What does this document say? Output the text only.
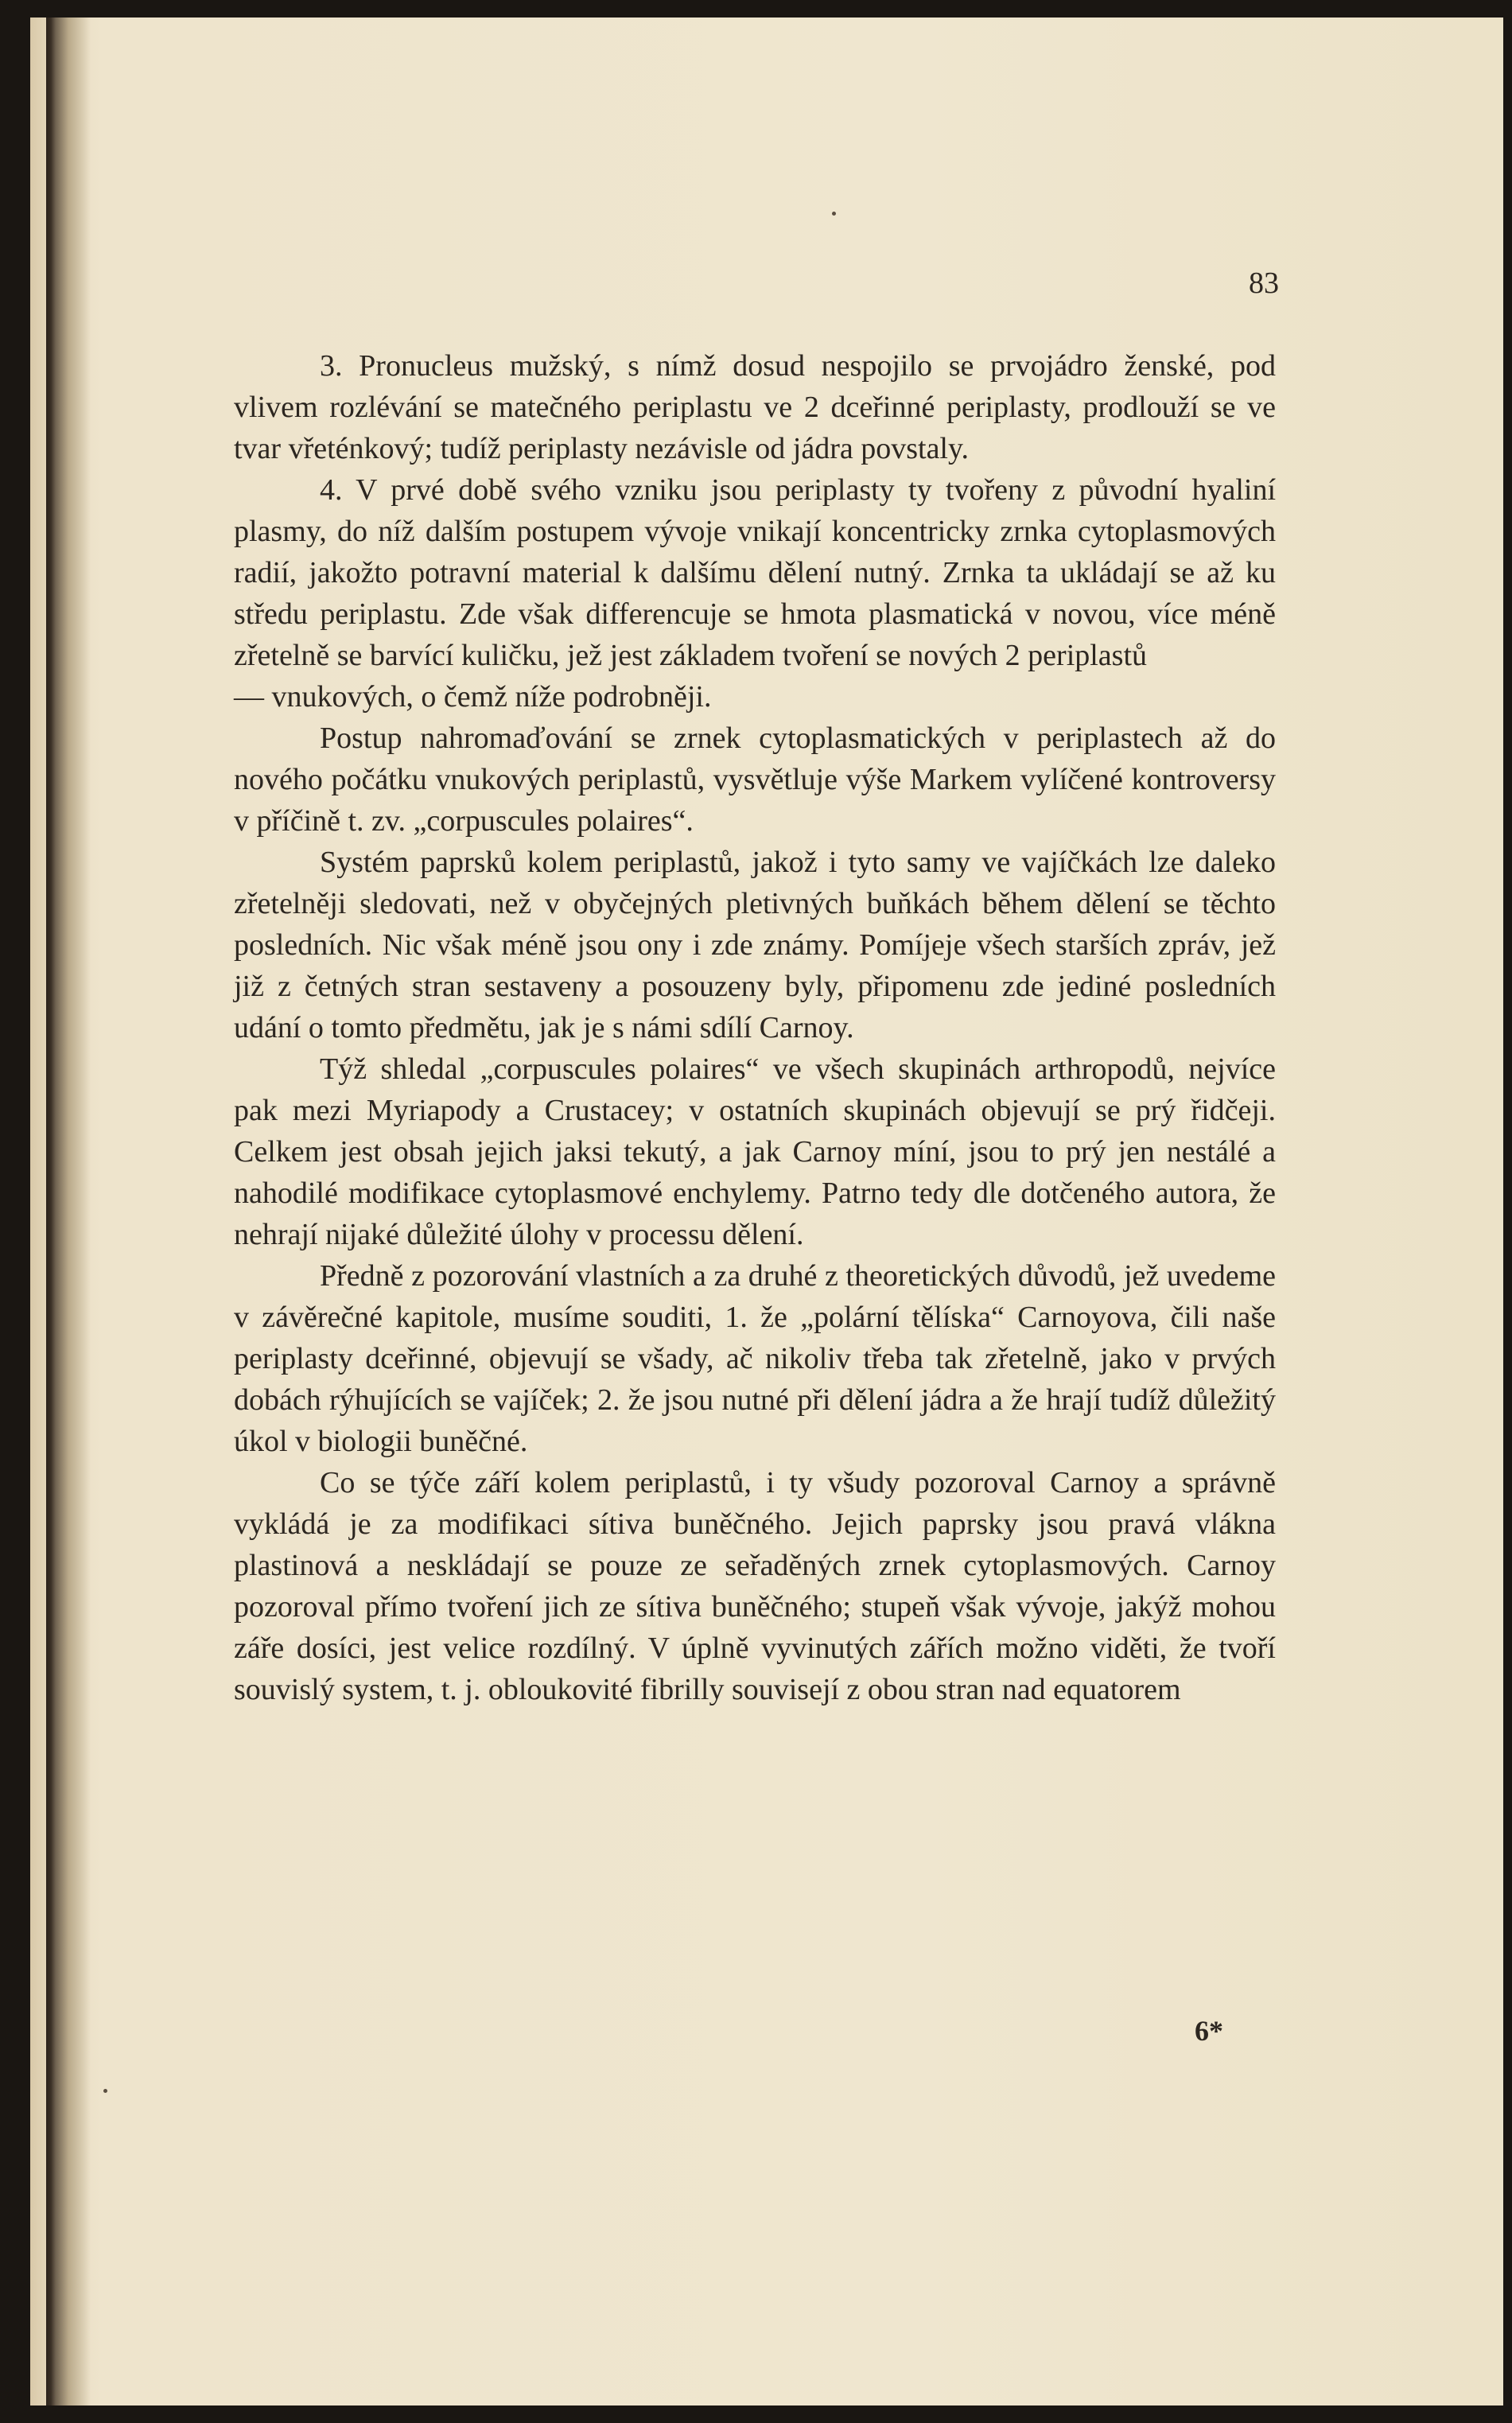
83

3. Pronucleus mužský, s nímž dosud nespojilo se prvojádro ženské, pod vlivem rozlévání se matečného periplastu ve 2 dceřinné periplasty, prodlouží se ve tvar vřeténkový; tudíž periplasty nezávisle od jádra povstaly.

4. V prvé době svého vzniku jsou periplasty ty tvořeny z původní hyaliní plasmy, do níž dalším postupem vývoje vnikají koncentricky zrnka cytoplasmových radií, jakožto potravní material k dalšímu dělení nutný. Zrnka ta ukládají se až ku středu periplastu. Zde však differencuje se hmota plasmatická v novou, více méně zřetelně se barvící kuličku, jež jest základem tvoření se nových 2 periplastů

— vnukových, o čemž níže podrobněji.

Postup nahromaďování se zrnek cytoplasmatických v periplastech až do nového počátku vnukových periplastů, vysvětluje výše Markem vylíčené kontroversy v příčině t. zv. „corpuscules polaires“.

Systém paprsků kolem periplastů, jakož i tyto samy ve vajíčkách lze daleko zřetelněji sledovati, než v obyčejných pletivných buňkách během dělení se těchto posledních. Nic však méně jsou ony i zde známy. Pomíjeje všech starších zpráv, jež již z četných stran sestaveny a posouzeny byly, připomenu zde jediné posledních udání o tomto předmětu, jak je s námi sdílí Carnoy.

Týž shledal „corpuscules polaires“ ve všech skupinách arthropodů, nejvíce pak mezi Myriapody a Crustacey; v ostatních skupinách objevují se prý řidčeji. Celkem jest obsah jejich jaksi tekutý, a jak Carnoy míní, jsou to prý jen nestálé a nahodilé modifikace cytoplasmové enchylemy. Patrno tedy dle dotčeného autora, že nehrají nijaké důležité úlohy v processu dělení.

Předně z pozorování vlastních a za druhé z theoretických důvodů, jež uvedeme v závěrečné kapitole, musíme souditi, 1. že „polární tělíska“ Carnoyova, čili naše periplasty dceřinné, objevují se všady, ač nikoliv třeba tak zřetelně, jako v prvých dobách rýhujících se vajíček; 2. že jsou nutné při dělení jádra a že hrají tudíž důležitý úkol v biologii buněčné.

Co se týče září kolem periplastů, i ty všudy pozoroval Carnoy a správně vykládá je za modifikaci sítiva buněčného. Jejich paprsky jsou pravá vlákna plastinová a neskládají se pouze ze seřaděných zrnek cytoplasmových. Carnoy pozoroval přímo tvoření jich ze sítiva buněčného; stupeň však vývoje, jakýž mohou záře dosíci, jest velice rozdílný. V úplně vyvinutých zářích možno viděti, že tvoří souvislý system, t. j. obloukovité fibrilly souvisejí z obou stran nad equatorem

6*
